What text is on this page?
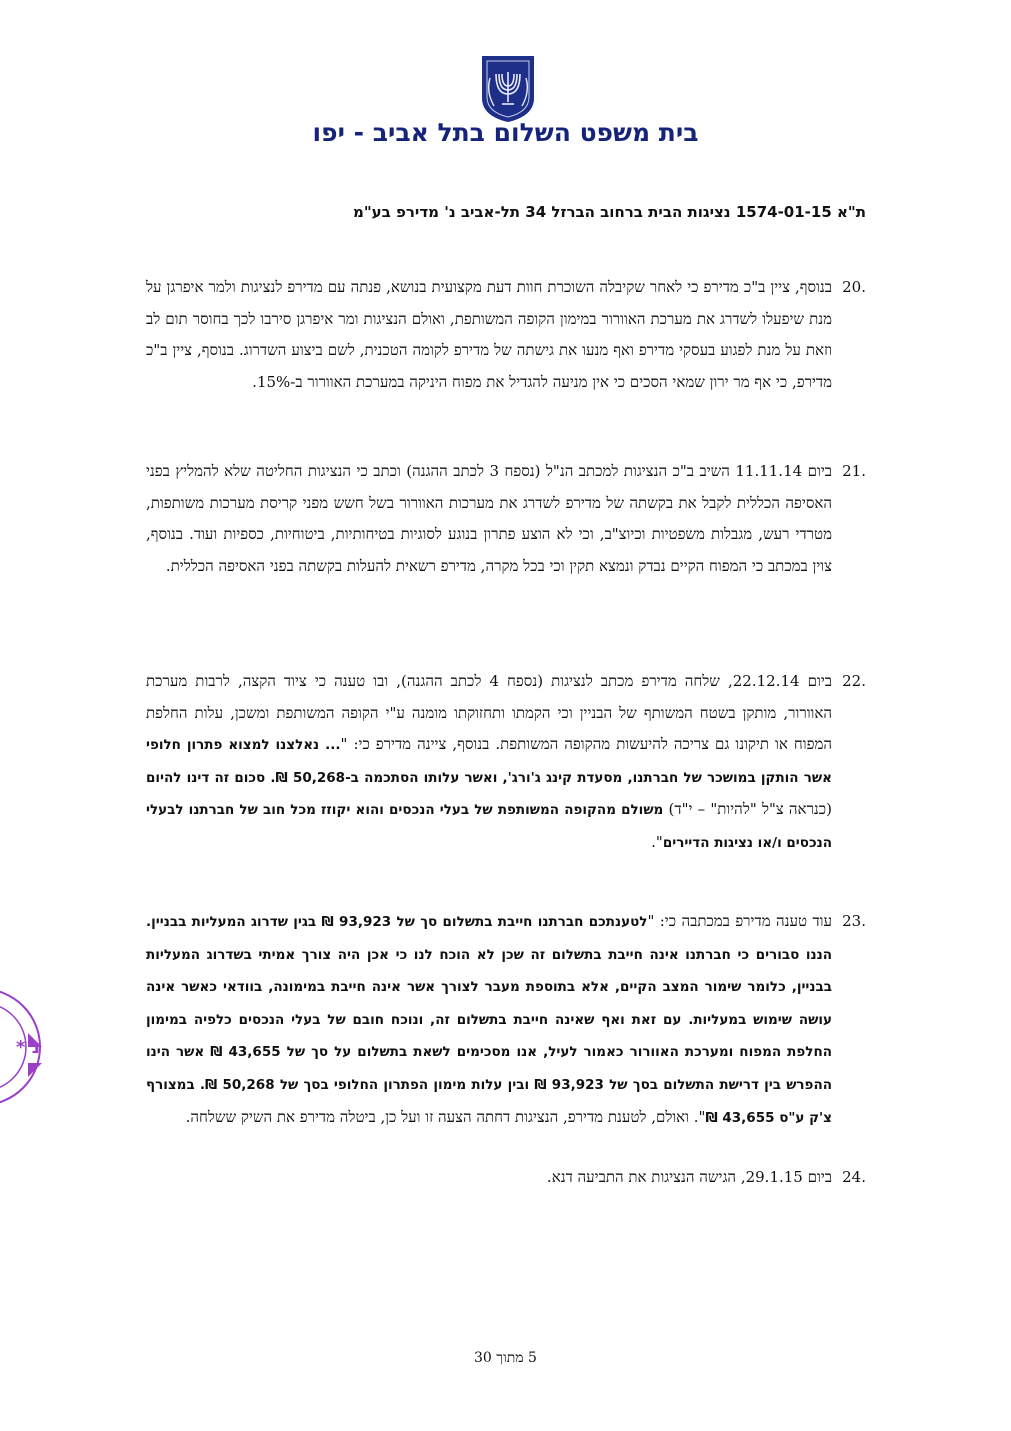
בית משפט השלום בתל אביב - יפו
ת"א 1574-01-15 נציגות הבית ברחוב הברזל 34 תל-אביב נ' מדירפ בע"מ
20.
בנוסף, ציין ב"כ מדירפ כי לאחר שקיבלה השוכרת חוות דעת מקצועית בנושא, פנתה עם מדירפ לנציגות ולמר איפרגן על מנת שיפעלו לשדרג את מערכת האוורור במימון הקופה המשותפת, ואולם הנציגות ומר איפרגן סירבו לכך בחוסר תום לב וזאת על מנת לפגוע בעסקי מדירפ ואף מנעו את גישתה של מדירפ לקומה הטכנית, לשם ביצוע השדרוג. בנוסף, ציין ב"כ מדירפ, כי אף מר ירון שמאי הסכים כי אין מניעה להגדיל את מפוח היניקה במערכת האוורור ב-15%.
21.
ביום 11.11.14 השיב ב"כ הנציגות למכתב הנ"ל (נספח 3 לכתב ההגנה) וכתב כי הנציגות החליטה שלא להמליץ בפני האסיפה הכללית לקבל את בקשתה של מדירפ לשדרג את מערכות האוורור בשל חשש מפני קריסת מערכות משותפות, מטרדי רעש, מגבלות משפטיות וכיוצ"ב, וכי לא הוצע פתרון בנוגע לסוגיות בטיחותיות, ביטוחיות, כספיות ועוד. בנוסף, צוין במכתב כי המפוח הקיים נבדק ונמצא תקין וכי בכל מקרה, מדירפ רשאית להעלות בקשתה בפני האסיפה הכללית.
22.
ביום 22.12.14, שלחה מדירפ מכתב לנציגות (נספח 4 לכתב ההגנה), ובו טענה כי ציוד הקצה, לרבות מערכת האוורור, מותקן בשטח המשותף של הבניין וכי הקמתו ותחזוקתו מומנה ע"י הקופה המשותפת ומשכן, עלות החלפת המפוח או תיקונו גם צריכה להיעשות מהקופה המשותפת. בנוסף, ציינה מדירפ כי: "... נאלצנו למצוא פתרון חלופי אשר הותקן במושכר של חברתנו, מסעדת קינג ג'ורג', ואשר עלותו הסתכמה ב-50,268 ₪. סכום זה דינו להיום (כנראה צ"ל "להיות" – י"ד) משולם מהקופה המשותפת של בעלי הנכסים והוא יקוזז מכל חוב של חברתנו לבעלי הנכסים ו/או נציגות הדיירים".
23.
עוד טענה מדירפ במכתבה כי: "לטענתכם חברתנו חייבת בתשלום סך של 93,923 ₪ בגין שדרוג המעליות בבניין. הננו סבורים כי חברתנו אינה חייבת בתשלום זה שכן לא הוכח לנו כי אכן היה צורך אמיתי בשדרוג המעליות בבניין, כלומר שימור המצב הקיים, אלא בתוספת מעבר לצורך אשר אינה חייבת במימונה, בוודאי כאשר אינה עושה שימוש במעליות. עם זאת ואף שאינה חייבת בתשלום זה, ונוכח חובם של בעלי הנכסים כלפיה במימון החלפת המפוח ומערכת האוורור כאמור לעיל, אנו מסכימים לשאת בתשלום על סך של 43,655 ₪ אשר הינו ההפרש בין דרישת התשלום בסך של 93,923 ₪ ובין עלות מימון הפתרון החלופי בסך של 50,268 ₪. במצורף צ'ק ע"ס 43,655 ₪". ואולם, לטענת מדירפ, הנציגות דחתה הצעה זו ועל כן, ביטלה מדירפ את השיק ששלחה.
24.
ביום 29.1.15, הגישה הנציגות את התביעה דנא.
* נ
5 מתוך 30
